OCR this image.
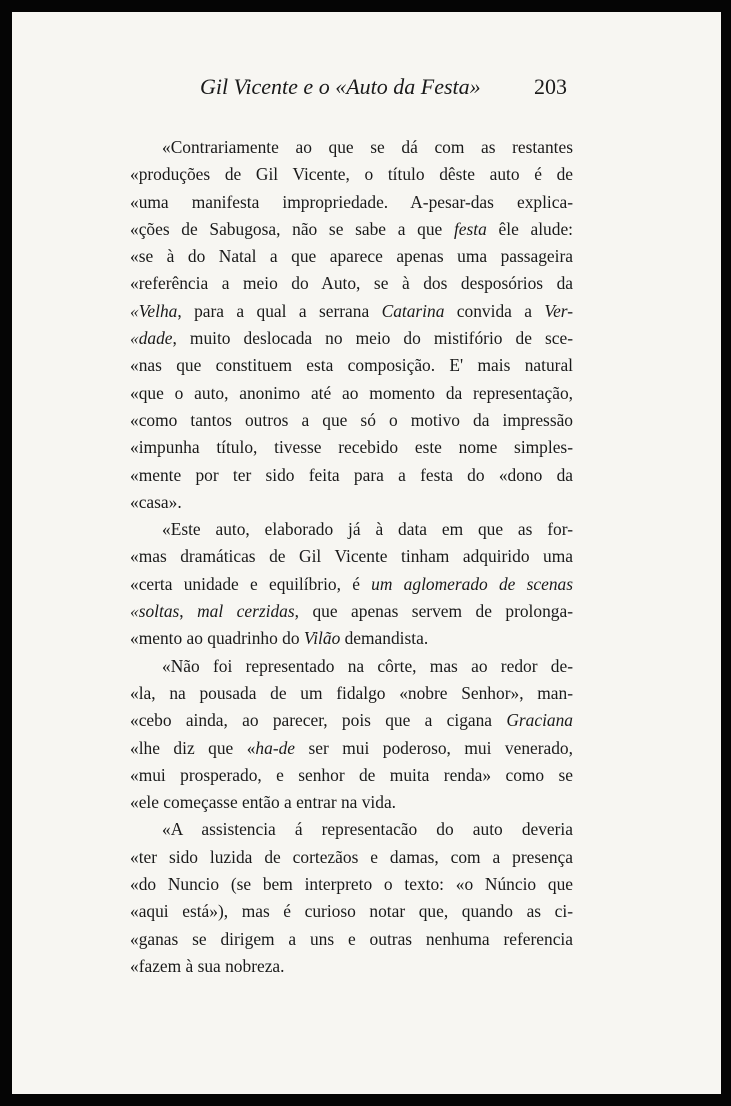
Gil Vicente e o «Auto da Festa» 203
«Contrariamente ao que se dá com as restantes
«produções de Gil Vicente, o título dêste auto é de
«uma manifesta impropriedade. A-pesar-das explica-
«ções de Sabugosa, não se sabe a que festa êle alude:
«se à do Natal a que aparece apenas uma passageira
«referência a meio do Auto, se à dos desposórios da
«Velha, para a qual a serrana Catarina convida a Ver-
«dade, muito deslocada no meio do mistifório de sce-
«nas que constituem esta composição. E' mais natural
«que o auto, anonimo até ao momento da representação,
«como tantos outros a que só o motivo da impressão
«impunha título, tivesse recebido este nome simples-
«mente por ter sido feita para a festa do «dono da
«casa».
«Este auto, elaborado já à data em que as for-
«mas dramáticas de Gil Vicente tinham adquirido uma
«certa unidade e equilíbrio, é um aglomerado de scenas
«soltas, mal cerzidas, que apenas servem de prolonga-
«mento ao quadrinho do Vilão demandista.
«Não foi representado na côrte, mas ao redor de-
«la, na pousada de um fidalgo «nobre Senhor», man-
«cebo ainda, ao parecer, pois que a cigana Graciana
«lhe diz que «ha-de ser mui poderoso, mui venerado,
«mui prosperado, e senhor de muita renda» como se
«ele começasse então a entrar na vida.
«A assistencia á representacão do auto deveria
«ter sido luzida de cortezãos e damas, com a presença
«do Nuncio (se bem interpreto o texto: «o Núncio que
«aqui está»), mas é curioso notar que, quando as ci-
«ganas se dirigem a uns e outras nenhuma referencia
«fazem à sua nobreza.
